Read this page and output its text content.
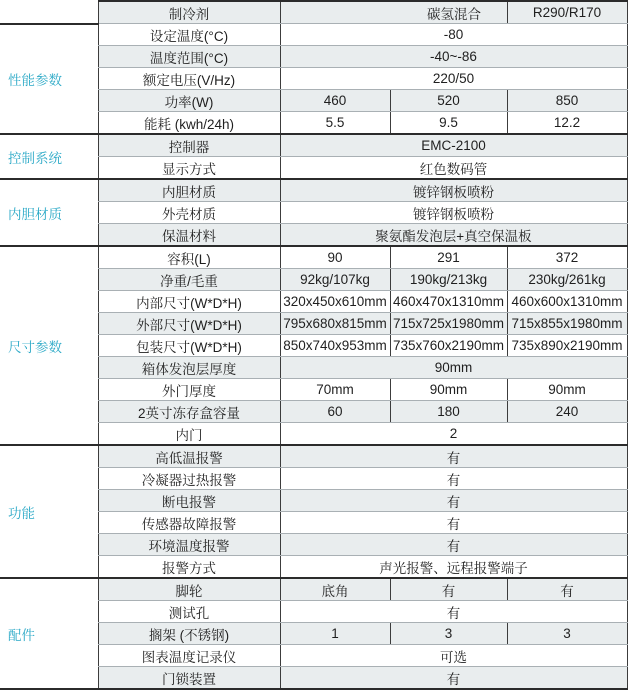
	制冷剂	碳氢混合		R290/R170
性能参数	设定温度(°C)	-80		
	温度范围(°C)	-40~-86		
	额定电压(V/Hz)	220/50		
	功率(W)	460	520	850
	能耗 (kwh/24h)	5.5	9.5	12.2
控制系统	控制器	EMC-2100		
	显示方式	红色数码管		
内胆材质	内胆材质	镀锌钢板喷粉		
	外壳材质	镀锌钢板喷粉		
	保温材料	聚氨酯发泡层+真空保温板		
尺寸参数	容积(L)	90	291	372
	净重/毛重	92kg/107kg	190kg/213kg	230kg/261kg
	内部尺寸(W*D*H)	320x450x610mm	460x470x1310mm	460x600x1310mm
	外部尺寸(W*D*H)	795x680x815mm	715x725x1980mm	715x855x1980mm
	包装尺寸(W*D*H)	850x740x953mm	735x760x2190mm	735x890x2190mm
	箱体发泡层厚度	90mm		
	外门厚度	70mm	90mm	90mm
	2英寸冻存盒容量	60	180	240
	内门	2		
功能	高低温报警	有		
	冷凝器过热报警	有		
	断电报警	有		
	传感器故障报警	有		
	环境温度报警	有		
	报警方式	声光报警、远程报警端子		
配件	脚轮	底角	有	有
	测试孔	有		
	搁架 (不锈钢)	1	3	3
	图表温度记录仪	可选		
	门锁装置	有		
